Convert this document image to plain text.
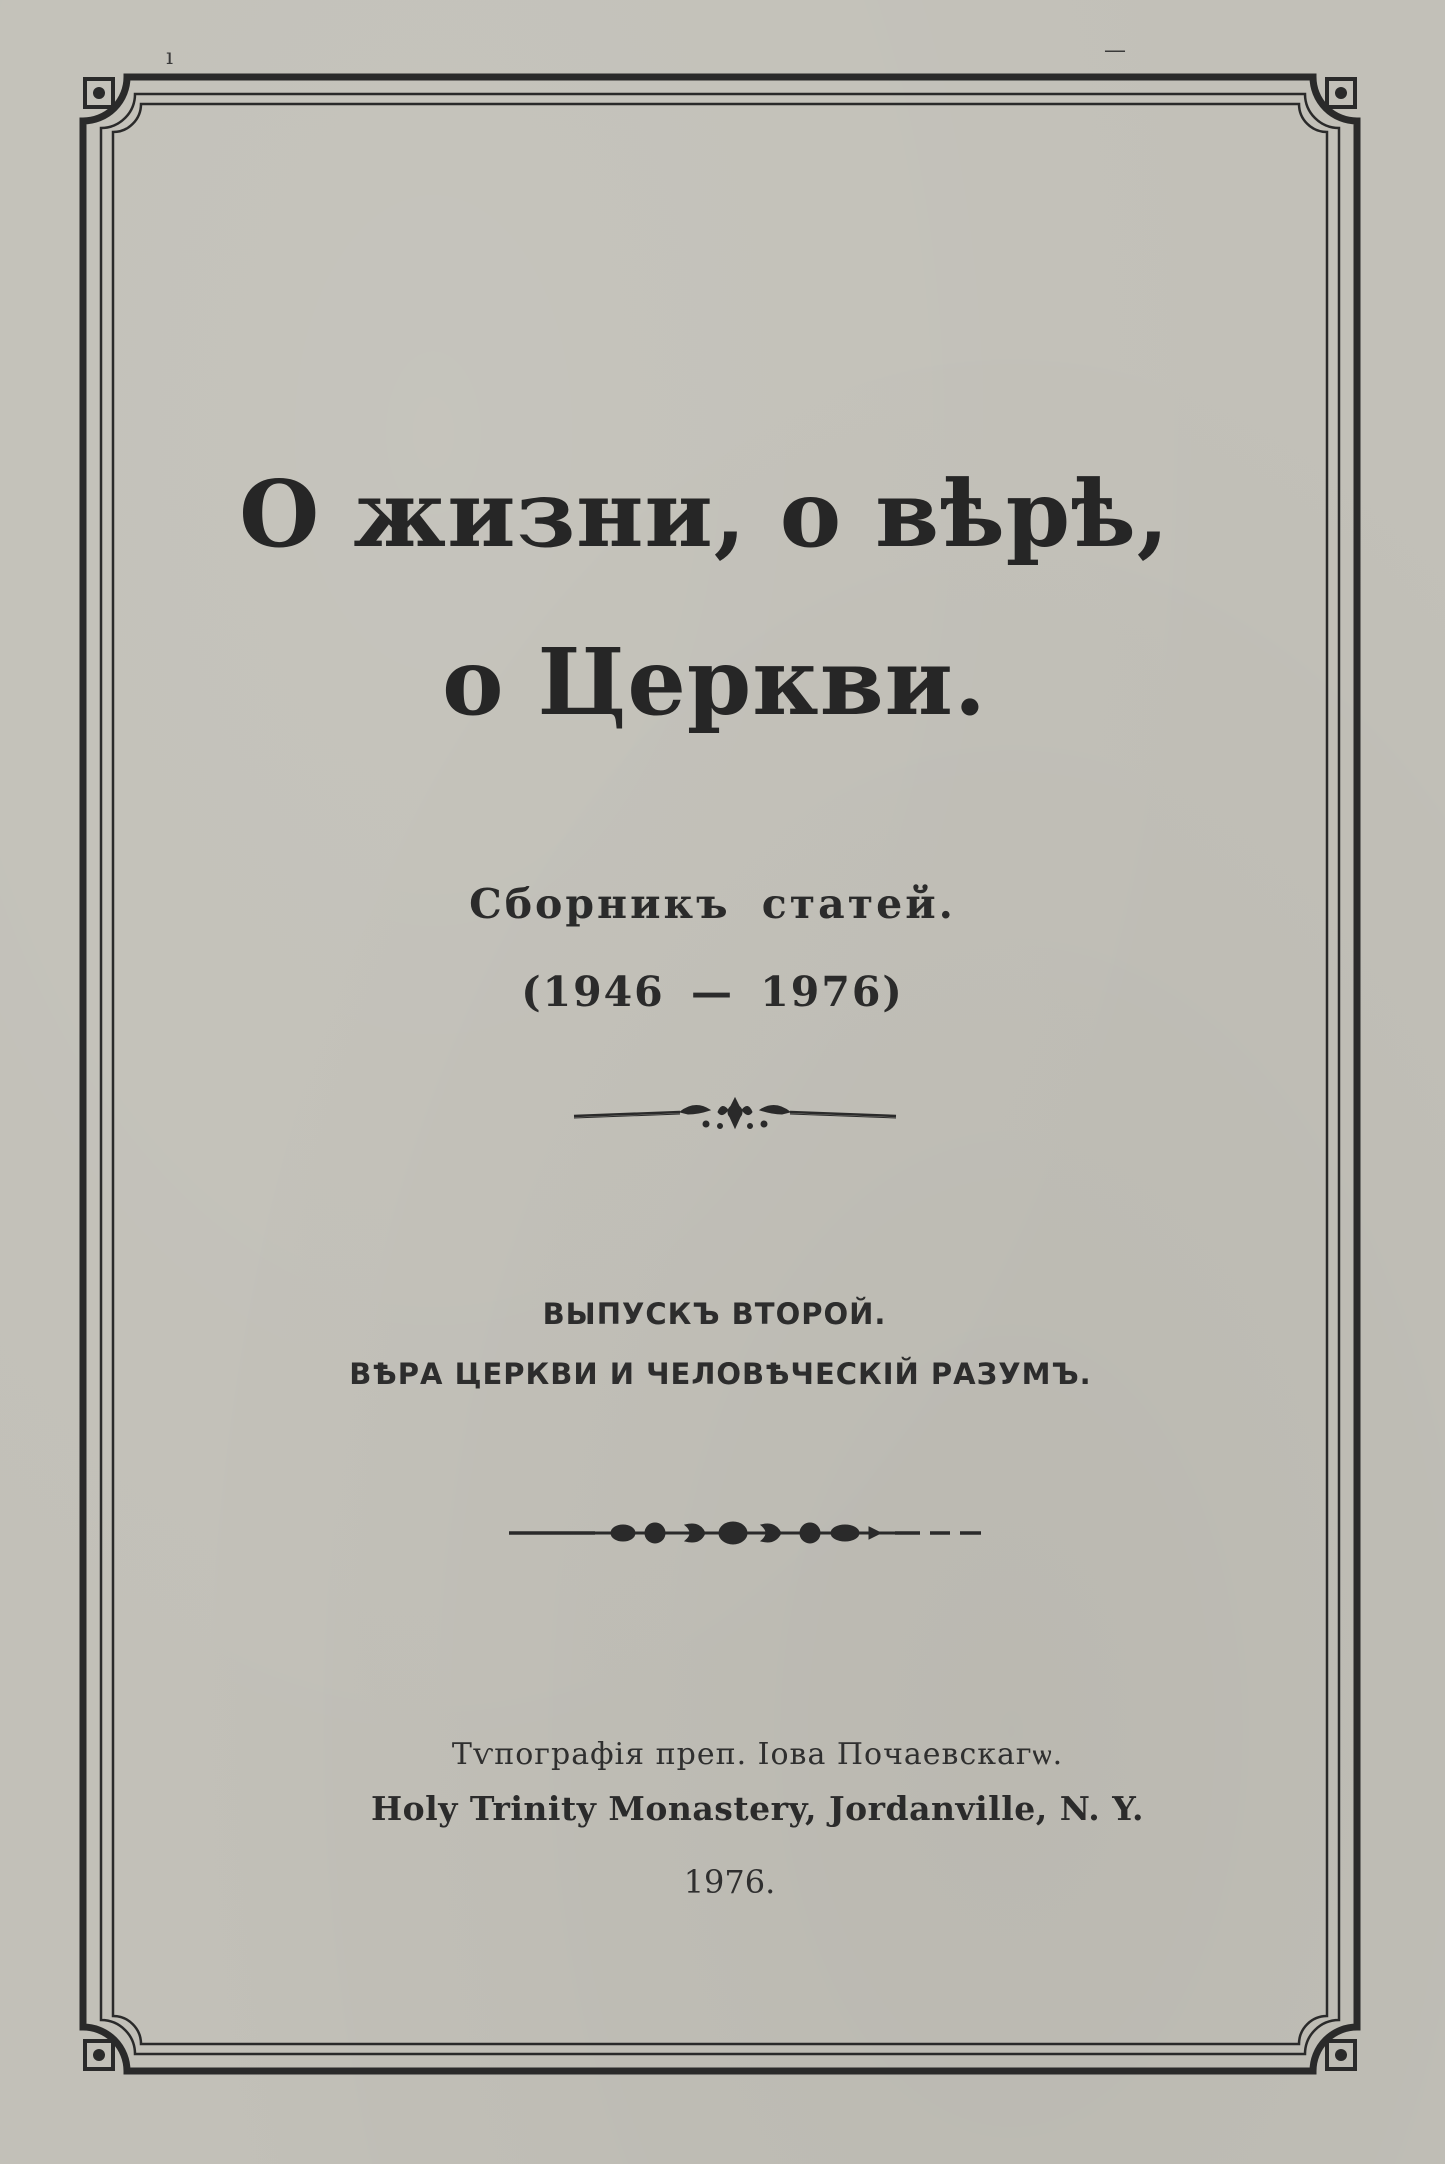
ı	—
О жизни, о вѣрѣ,
о Церкви.
Сборникъ статей.
(1946 — 1976)
ВЫПУСКЪ ВТОРОЙ.
ВѢРА ЦЕРКВИ И ЧЕЛОВѢЧЕСКІЙ РАЗУМЪ.
Тѵпографія преп. Іова Почаевскагѡ.
Holy Trinity Monastery, Jordanville, N. Y.
1976.
